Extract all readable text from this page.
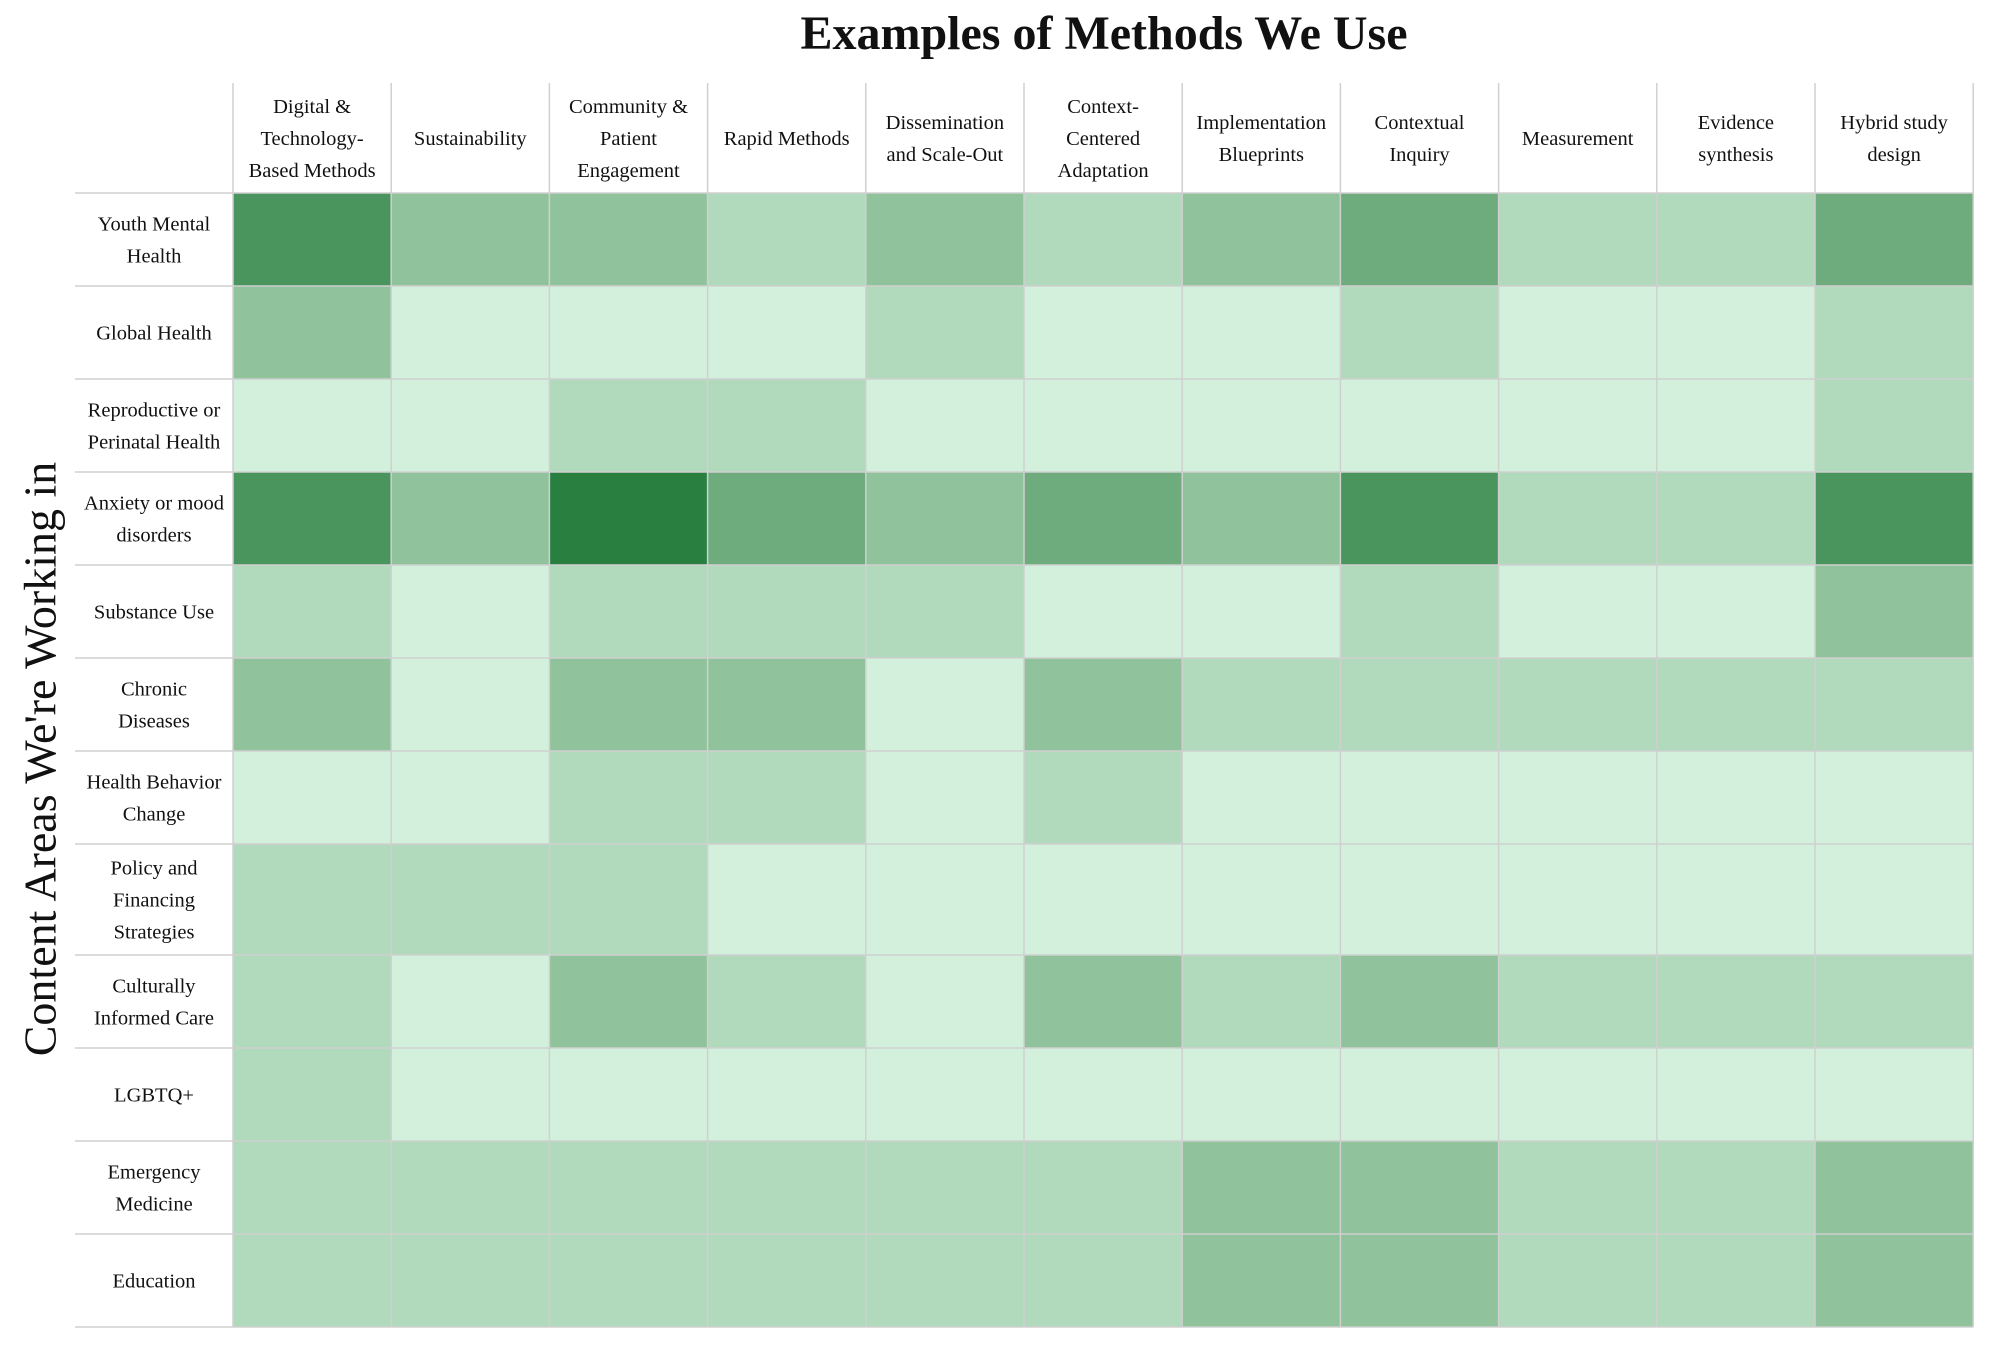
Examples of Methods We Use
Content Areas We're Working in
Digital &
Technology-
Based Methods
Sustainability
Community &
Patient
Engagement
Rapid Methods
Dissemination
and Scale-Out
Context-
Centered
Adaptation
Implementation
Blueprints
Contextual
Inquiry
Measurement
Evidence
synthesis
Hybrid study
design
Youth Mental
Health
Global Health
Reproductive or
Perinatal Health
Anxiety or mood
disorders
Substance Use
Chronic
Diseases
Health Behavior
Change
Policy and
Financing
Strategies
Culturally
Informed Care
LGBTQ+
Emergency
Medicine
Education
